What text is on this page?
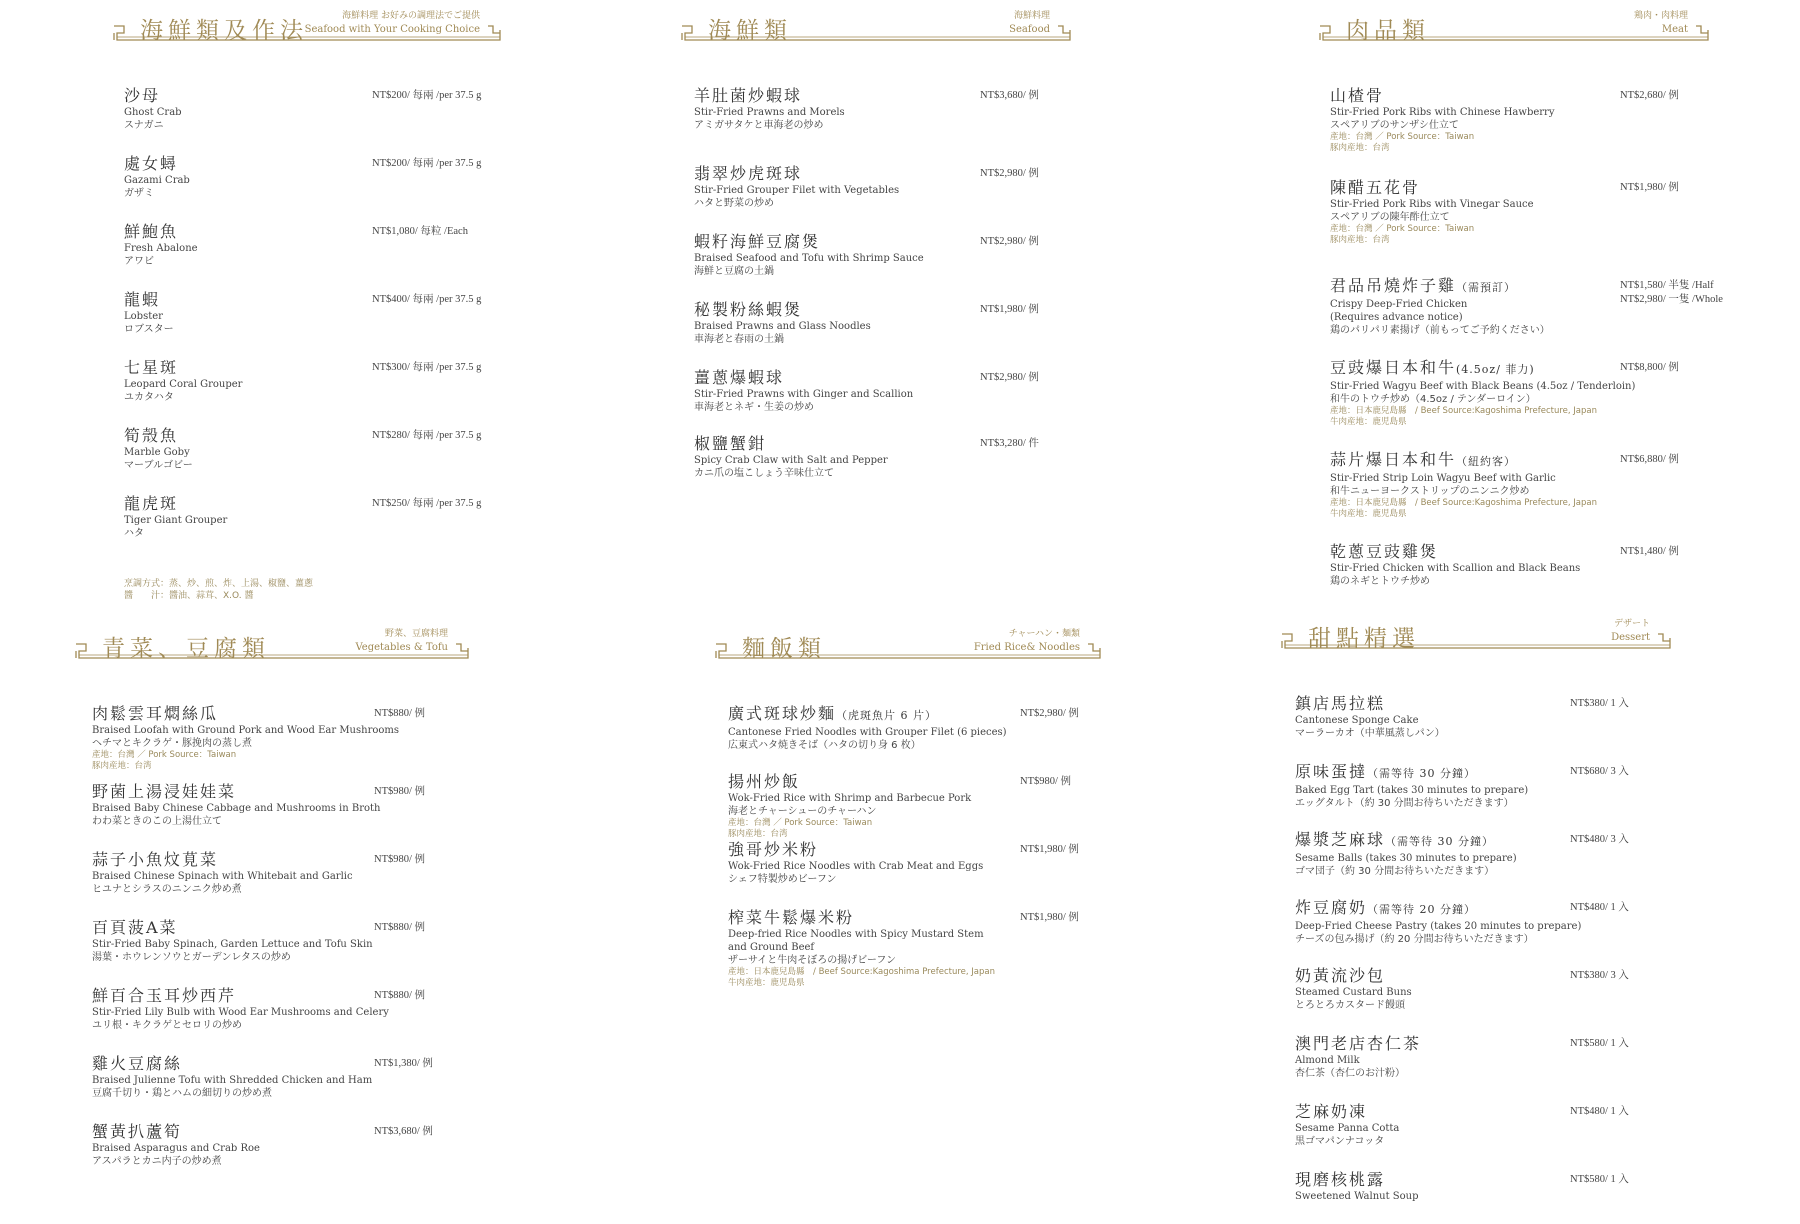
海鮮類及作法
海鮮料理 お好みの調理法でご提供
Seafood with Your Cooking Choice
沙母
Ghost Crab
スナガニ
NT$200/ 每兩 /per 37.5 g
處女蟳
Gazami Crab
ガザミ
NT$200/ 每兩 /per 37.5 g
鮮鮑魚
Fresh Abalone
アワビ
NT$1,080/ 每粒 /Each
龍蝦
Lobster
ロブスター
NT$400/ 每兩 /per 37.5 g
七星斑
Leopard Coral Grouper
ユカタハタ
NT$300/ 每兩 /per 37.5 g
筍殼魚
Marble Goby
マーブルゴビー
NT$280/ 每兩 /per 37.5 g
龍虎斑
Tiger Giant Grouper
ハタ
NT$250/ 每兩 /per 37.5 g
烹調方式：蒸、炒、煎、炸、上湯、椒鹽、薑蔥
醬　　汁：醬油、蒜茸、X.O. 醬
海鮮類
海鮮料理
Seafood
羊肚菌炒蝦球
Stir-Fried Prawns and Morels
アミガサタケと車海老の炒め
NT$3,680/ 例
翡翠炒虎斑球
Stir-Fried Grouper Filet with Vegetables
ハタと野菜の炒め
NT$2,980/ 例
蝦籽海鮮豆腐煲
Braised Seafood and Tofu with Shrimp Sauce
海鮮と豆腐の土鍋
NT$2,980/ 例
秘製粉絲蝦煲
Braised Prawns and Glass Noodles
車海老と春雨の土鍋
NT$1,980/ 例
薑蔥爆蝦球
Stir-Fried Prawns with Ginger and Scallion
車海老とネギ・生姜の炒め
NT$2,980/ 例
椒鹽蟹鉗
Spicy Crab Claw with Salt and Pepper
カニ爪の塩こしょう辛味仕立て
NT$3,280/ 件
肉品類
鶏肉・肉料理
Meat
山楂骨
Stir-Fried Pork Ribs with Chinese Hawberry
スペアリブのサンザシ仕立て
產地：台灣 ／ Pork Source：Taiwan
豚肉産地：台湾
NT$2,680/ 例
陳醋五花骨
Stir-Fried Pork Ribs with Vinegar Sauce
スペアリブの陳年酢仕立て
產地：台灣 ／ Pork Source：Taiwan
豚肉産地：台湾
NT$1,980/ 例
君品吊燒炸子雞（需預訂）
Crispy Deep-Fried Chicken
(Requires advance notice)
鶏のパリパリ素揚げ（前もってご予約ください）
NT$1,580/ 半隻 /Half
NT$2,980/ 一隻 /Whole
豆豉爆日本和牛(4.5oz/ 菲力)
Stir-Fried Wagyu Beef with Black Beans (4.5oz / Tenderloin)
和牛のトウチ炒め（4.5oz / テンダーロイン）
產地：日本鹿兒島縣　/ Beef Source:Kagoshima Prefecture, Japan
牛肉産地：鹿児島県
NT$8,800/ 例
蒜片爆日本和牛（紐約客）
Stir-Fried Strip Loin Wagyu Beef with Garlic
和牛ニューヨークストリップのニンニク炒め
產地：日本鹿兒島縣　/ Beef Source:Kagoshima Prefecture, Japan
牛肉産地：鹿児島県
NT$6,880/ 例
乾蔥豆豉雞煲
Stir-Fried Chicken with Scallion and Black Beans
鶏のネギとトウチ炒め
NT$1,480/ 例
青菜、豆腐類
野菜、豆腐料理
Vegetables & Tofu
肉鬆雲耳燜絲瓜
Braised Loofah with Ground Pork and Wood Ear Mushrooms
ヘチマとキクラゲ・豚挽肉の蒸し煮
產地：台灣 ／ Pork Source：Taiwan
豚肉産地：台湾
NT$880/ 例
野菌上湯浸娃娃菜
Braised Baby Chinese Cabbage and Mushrooms in Broth
わわ菜ときのこの上湯仕立て
NT$980/ 例
蒜子小魚炆莧菜
Braised Chinese Spinach with Whitebait and Garlic
ヒユナとシラスのニンニク炒め煮
NT$980/ 例
百頁菠A菜
Stir-Fried Baby Spinach, Garden Lettuce and Tofu Skin
湯葉・ホウレンソウとガーデンレタスの炒め
NT$880/ 例
鮮百合玉耳炒西芹
Stir-Fried Lily Bulb with Wood Ear Mushrooms and Celery
ユリ根・キクラゲとセロリの炒め
NT$880/ 例
雞火豆腐絲
Braised Julienne Tofu with Shredded Chicken and Ham
豆腐千切り・鶏とハムの細切りの炒め煮
NT$1,380/ 例
蟹黃扒蘆筍
Braised Asparagus and Crab Roe
アスパラとカニ内子の炒め煮
NT$3,680/ 例
麵飯類
チャーハン・麺類
Fried Rice& Noodles
廣式斑球炒麵（虎斑魚片 6 片）
Cantonese Fried Noodles with Grouper Filet (6 pieces)
広東式ハタ焼きそば（ハタの切り身 6 枚）
NT$2,980/ 例
揚州炒飯
Wok-Fried Rice with Shrimp and Barbecue Pork
海老とチャーシューのチャーハン
產地：台灣 ／ Pork Source：Taiwan
豚肉産地：台湾
NT$980/ 例
強哥炒米粉
Wok-Fried Rice Noodles with Crab Meat and Eggs
シェフ特製炒めビーフン
NT$1,980/ 例
榨菜牛鬆爆米粉
Deep-fried Rice Noodles with Spicy Mustard Stem
and Ground Beef
ザーサイと牛肉そぼろの揚げビーフン
產地：日本鹿兒島縣　/ Beef Source:Kagoshima Prefecture, Japan
牛肉産地：鹿児島県
NT$1,980/ 例
甜點精選
デザート
Dessert
鎮店馬拉糕
Cantonese Sponge Cake
マーラーカオ（中華風蒸しパン）
NT$380/ 1 入
原味蛋撻（需等待 30 分鐘）
Baked Egg Tart (takes 30 minutes to prepare)
エッグタルト（約 30 分間お待ちいただきます）
NT$680/ 3 入
爆漿芝麻球（需等待 30 分鐘）
Sesame Balls (takes 30 minutes to prepare)
ゴマ団子（約 30 分間お待ちいただきます）
NT$480/ 3 入
炸豆腐奶（需等待 20 分鐘）
Deep-Fried Cheese Pastry (takes 20 minutes to prepare)
チーズの包み揚げ（約 20 分間お待ちいただきます）
NT$480/ 1 入
奶黃流沙包
Steamed Custard Buns
とろとろカスタード饅頭
NT$380/ 3 入
澳門老店杏仁茶
Almond Milk
杏仁茶（杏仁のお汁粉）
NT$580/ 1 入
芝麻奶凍
Sesame Panna Cotta
黒ゴマパンナコッタ
NT$480/ 1 入
現磨核桃露
Sweetened Walnut Soup
NT$580/ 1 入
